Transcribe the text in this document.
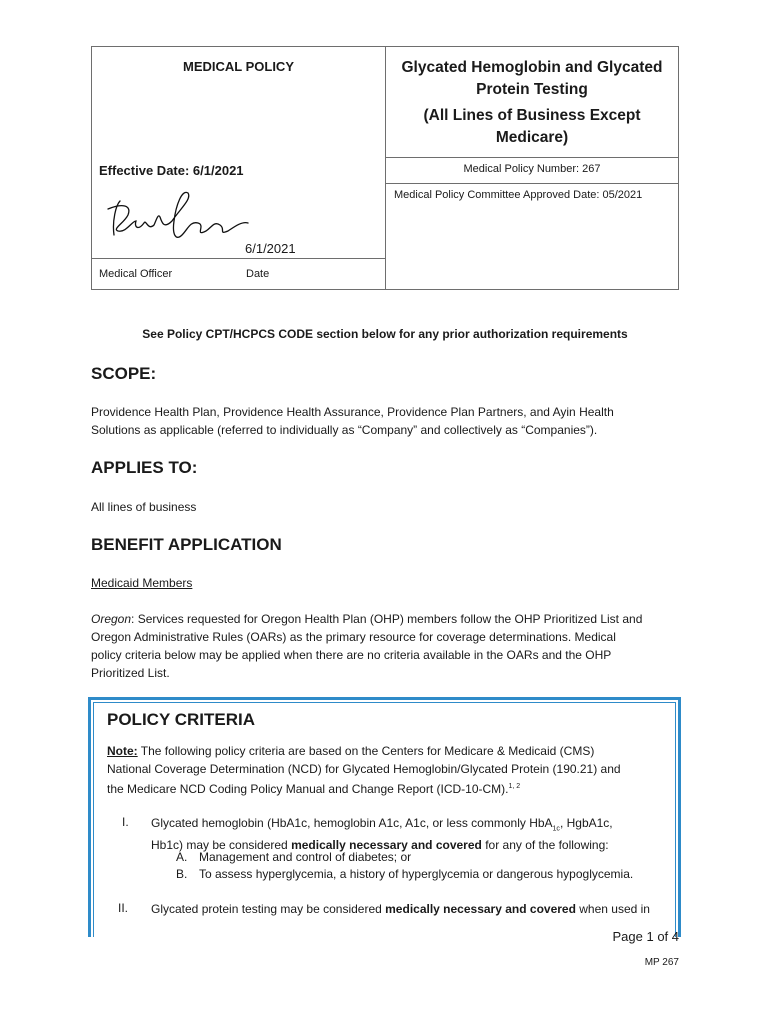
MEDICAL POLICY	Glycated Hemoglobin and Glycated
Protein Testing
(All Lines of Business Except
Medicare)
Effective Date: 6/1/2021	Medical Policy Number: 267
Medical Policy Committee Approved Date: 05/2021
6/1/2021
Medical Officer	Date
See Policy CPT/HCPCS CODE section below for any prior authorization requirements
SCOPE:
Providence Health Plan, Providence Health Assurance, Providence Plan Partners, and Ayin Health
Solutions as applicable (referred to individually as “Company” and collectively as “Companies”).
APPLIES TO:
All lines of business
BENEFIT APPLICATION
Medicaid Members
Oregon: Services requested for Oregon Health Plan (OHP) members follow the OHP Prioritized List and
Oregon Administrative Rules (OARs) as the primary resource for coverage determinations. Medical
policy criteria below may be applied when there are no criteria available in the OARs and the OHP
Prioritized List.
POLICY CRITERIA
Note: The following policy criteria are based on the Centers for Medicare & Medicaid (CMS)
National Coverage Determination (NCD) for Glycated Hemoglobin/Glycated Protein (190.21) and
the Medicare NCD Coding Policy Manual and Change Report (ICD-10-CM).$^{1, 2}$
I. Glycated hemoglobin (HbA1c, hemoglobin A1c, A1c, or less commonly HbA$_{1c}$, HgbA1c,
Hb1c) may be considered medically necessary and covered for any of the following:
A. Management and control of diabetes; or
B. To assess hyperglycemia, a history of hyperglycemia or dangerous hypoglycemia.
II. Glycated protein testing may be considered medically necessary and covered when used in
Page 1 of 4
MP 267
